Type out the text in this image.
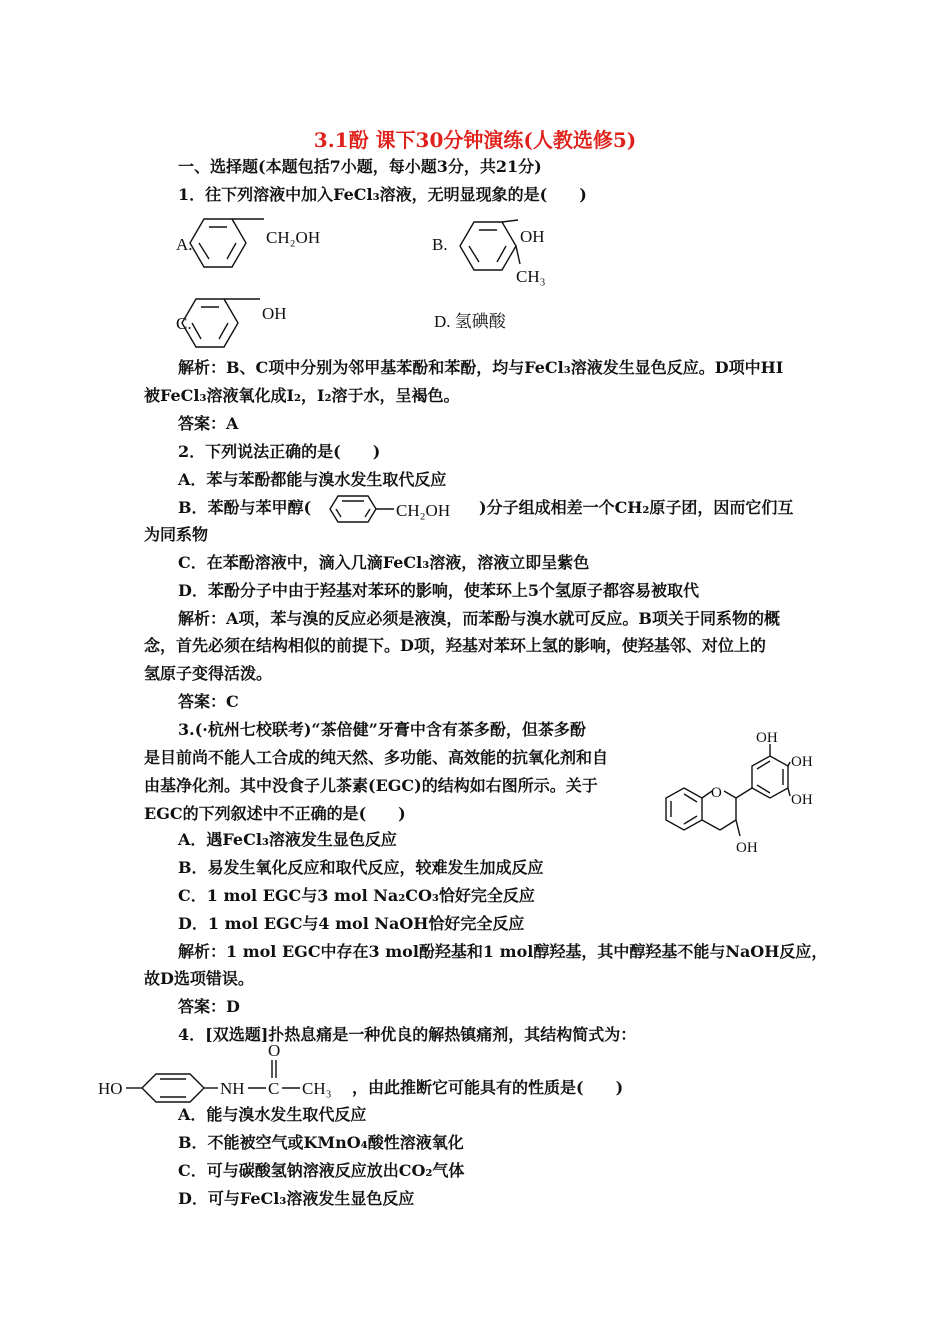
3.1酚 课下30分钟演练(人教选修5)
一、选择题(本题包括7小题，每小题3分，共21分)
1．往下列溶液中加入FeCl₃溶液，无明显现象的是(　　)
A.	CH₂OH	B.	OH
CH₃
C.
OH	D. 氢碘酸
解析：B、C项中分别为邻甲基苯酚和苯酚，均与FeCl₃溶液发生显色反应。D项中HI
被FeCl₃溶液氧化成I₂，I₂溶于水，呈褐色。
答案：A
2．下列说法正确的是(　　)
A．苯与苯酚都能与溴水发生取代反应
B．苯酚与苯甲醇(	CH₂OH )分子组成相差一个CH₂原子团，因而它们互
为同系物
C．在苯酚溶液中，滴入几滴FeCl₃溶液，溶液立即呈紫色
D．苯酚分子中由于羟基对苯环的影响，使苯环上5个氢原子都容易被取代
解析：A项，苯与溴的反应必须是液溴，而苯酚与溴水就可反应。B项关于同系物的概
念，首先必须在结构相似的前提下。D项，羟基对苯环上氢的影响，使羟基邻、对位上的
氢原子变得活泼。
答案：C
3.(·杭州七校联考)“茶倍健”牙膏中含有茶多酚，但茶多酚
是目前尚不能人工合成的纯天然、多功能、高效能的抗氧化剂和自
由基净化剂。其中没食子儿茶素(EGC)的结构如右图所示。关于
EGC的下列叙述中不正确的是(　　)
O
OH
OH
OH
OH
A．遇FeCl₃溶液发生显色反应
B．易发生氧化反应和取代反应，较难发生加成反应
C．1 mol EGC与3 mol Na₂CO₃恰好完全反应
D．1 mol EGC与4 mol NaOH恰好完全反应
解析：1 mol EGC中存在3 mol酚羟基和1 mol醇羟基，其中醇羟基不能与NaOH反应，
故D选项错误。
答案：D
4．[双选题]扑热息痛是一种优良的解热镇痛剂，其结构简式为：
HO	NH C
O
CH₃ ，由此推断它可能具有的性质是(　　)
A．能与溴水发生取代反应
B．不能被空气或KMnO₄酸性溶液氧化
C．可与碳酸氢钠溶液反应放出CO₂气体
D．可与FeCl₃溶液发生显色反应
